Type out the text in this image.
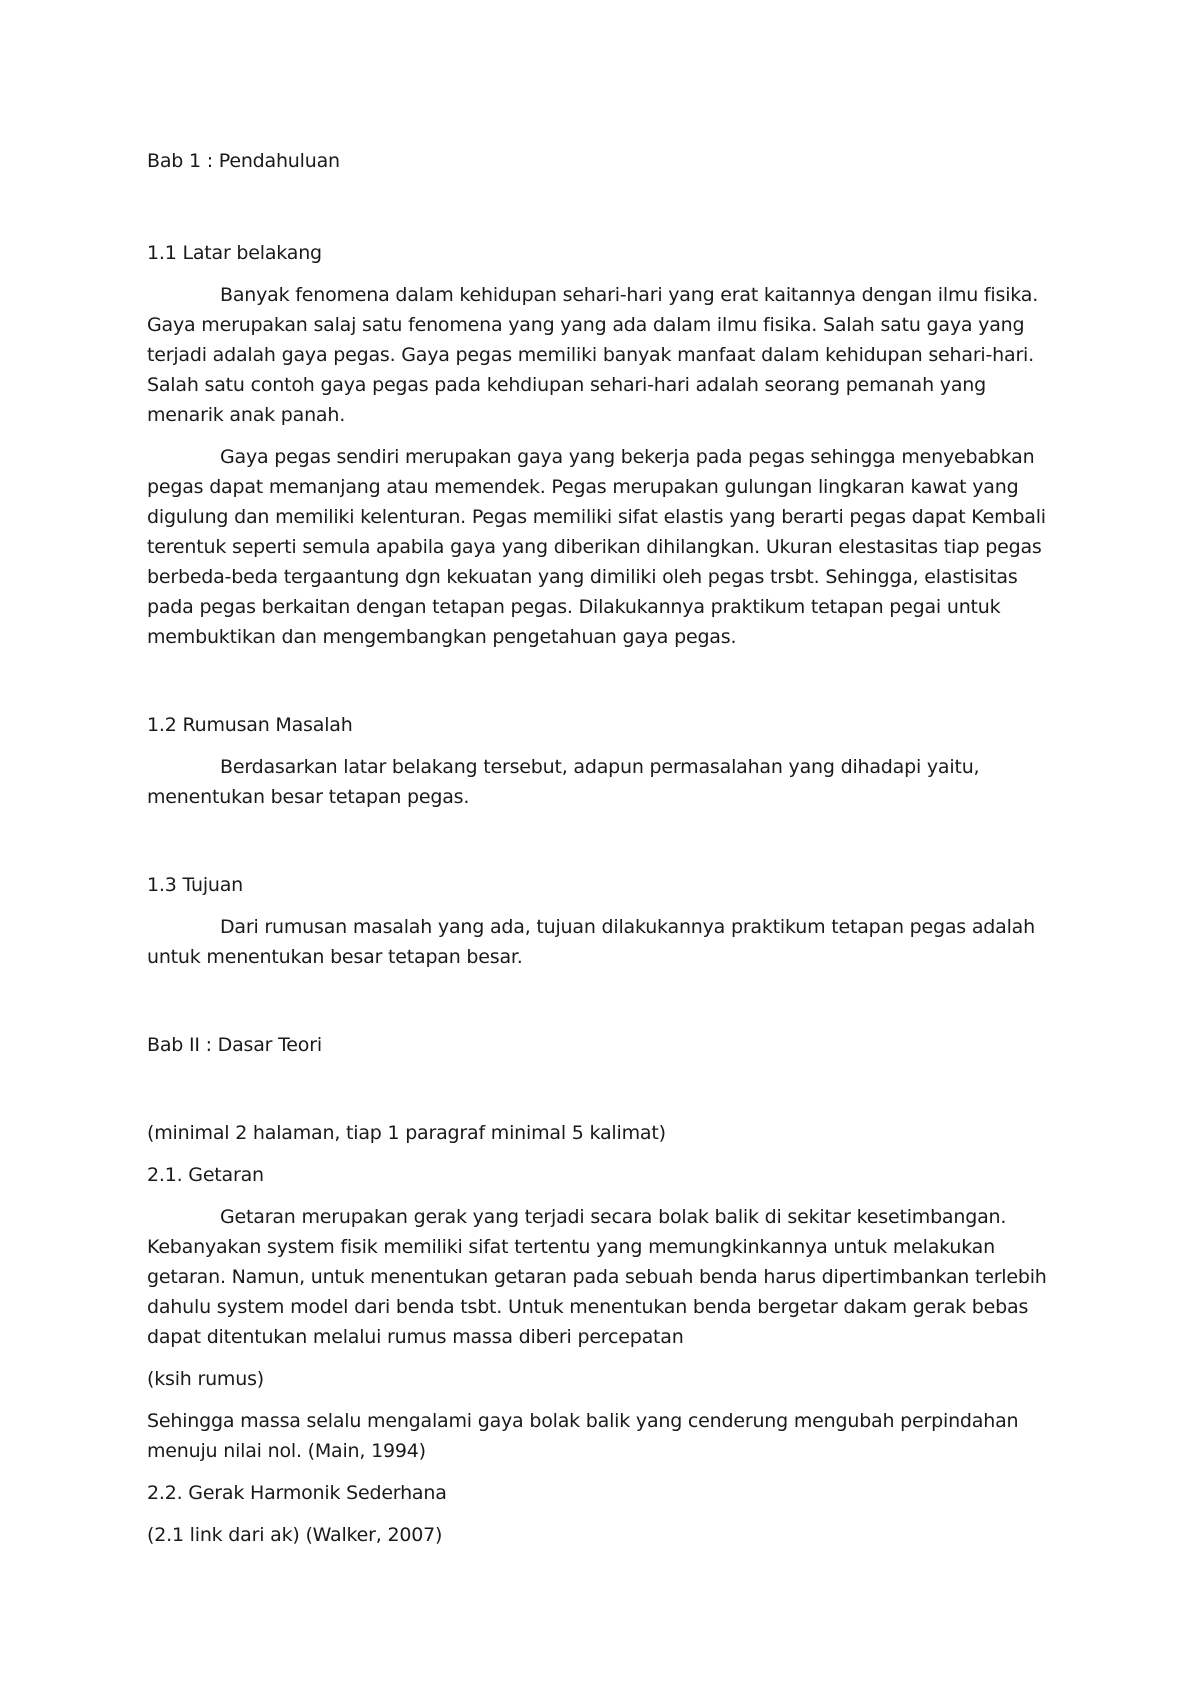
Bab 1 : Pendahuluan

1.1 Latar belakang

Banyak fenomena dalam kehidupan sehari-hari yang erat kaitannya dengan ilmu fisika. Gaya merupakan salaj satu fenomena yang yang ada dalam ilmu fisika. Salah satu gaya yang terjadi adalah gaya pegas. Gaya pegas memiliki banyak manfaat dalam kehidupan sehari-hari. Salah satu contoh gaya pegas pada kehdiupan sehari-hari adalah seorang pemanah yang menarik anak panah.

Gaya pegas sendiri merupakan gaya yang bekerja pada pegas sehingga menyebabkan pegas dapat memanjang atau memendek. Pegas merupakan gulungan lingkaran kawat yang digulung dan memiliki kelenturan. Pegas memiliki sifat elastis yang berarti pegas dapat Kembali terentuk seperti semula apabila gaya yang diberikan dihilangkan. Ukuran elestasitas tiap pegas berbeda-beda tergaantung dgn kekuatan yang dimiliki oleh pegas trsbt. Sehingga, elastisitas pada pegas berkaitan dengan tetapan pegas. Dilakukannya praktikum tetapan pegai untuk membuktikan dan mengembangkan pengetahuan gaya pegas.

1.2 Rumusan Masalah

Berdasarkan latar belakang tersebut, adapun permasalahan yang dihadapi yaitu, menentukan besar tetapan pegas.

1.3 Tujuan

Dari rumusan masalah yang ada, tujuan dilakukannya praktikum tetapan pegas adalah untuk menentukan besar tetapan besar.

Bab II : Dasar Teori

(minimal 2 halaman, tiap 1 paragraf minimal 5 kalimat)

2.1. Getaran

Getaran merupakan gerak yang terjadi secara bolak balik di sekitar kesetimbangan. Kebanyakan system fisik memiliki sifat tertentu yang memungkinkannya untuk melakukan getaran. Namun, untuk menentukan getaran pada sebuah benda harus dipertimbankan terlebih dahulu system model dari benda tsbt. Untuk menentukan benda bergetar dakam gerak bebas dapat ditentukan melalui rumus massa diberi percepatan

(ksih rumus)

Sehingga massa selalu mengalami gaya bolak balik yang cenderung mengubah perpindahan menuju nilai nol. (Main, 1994)

2.2. Gerak Harmonik Sederhana

(2.1 link dari ak) (Walker, 2007)
